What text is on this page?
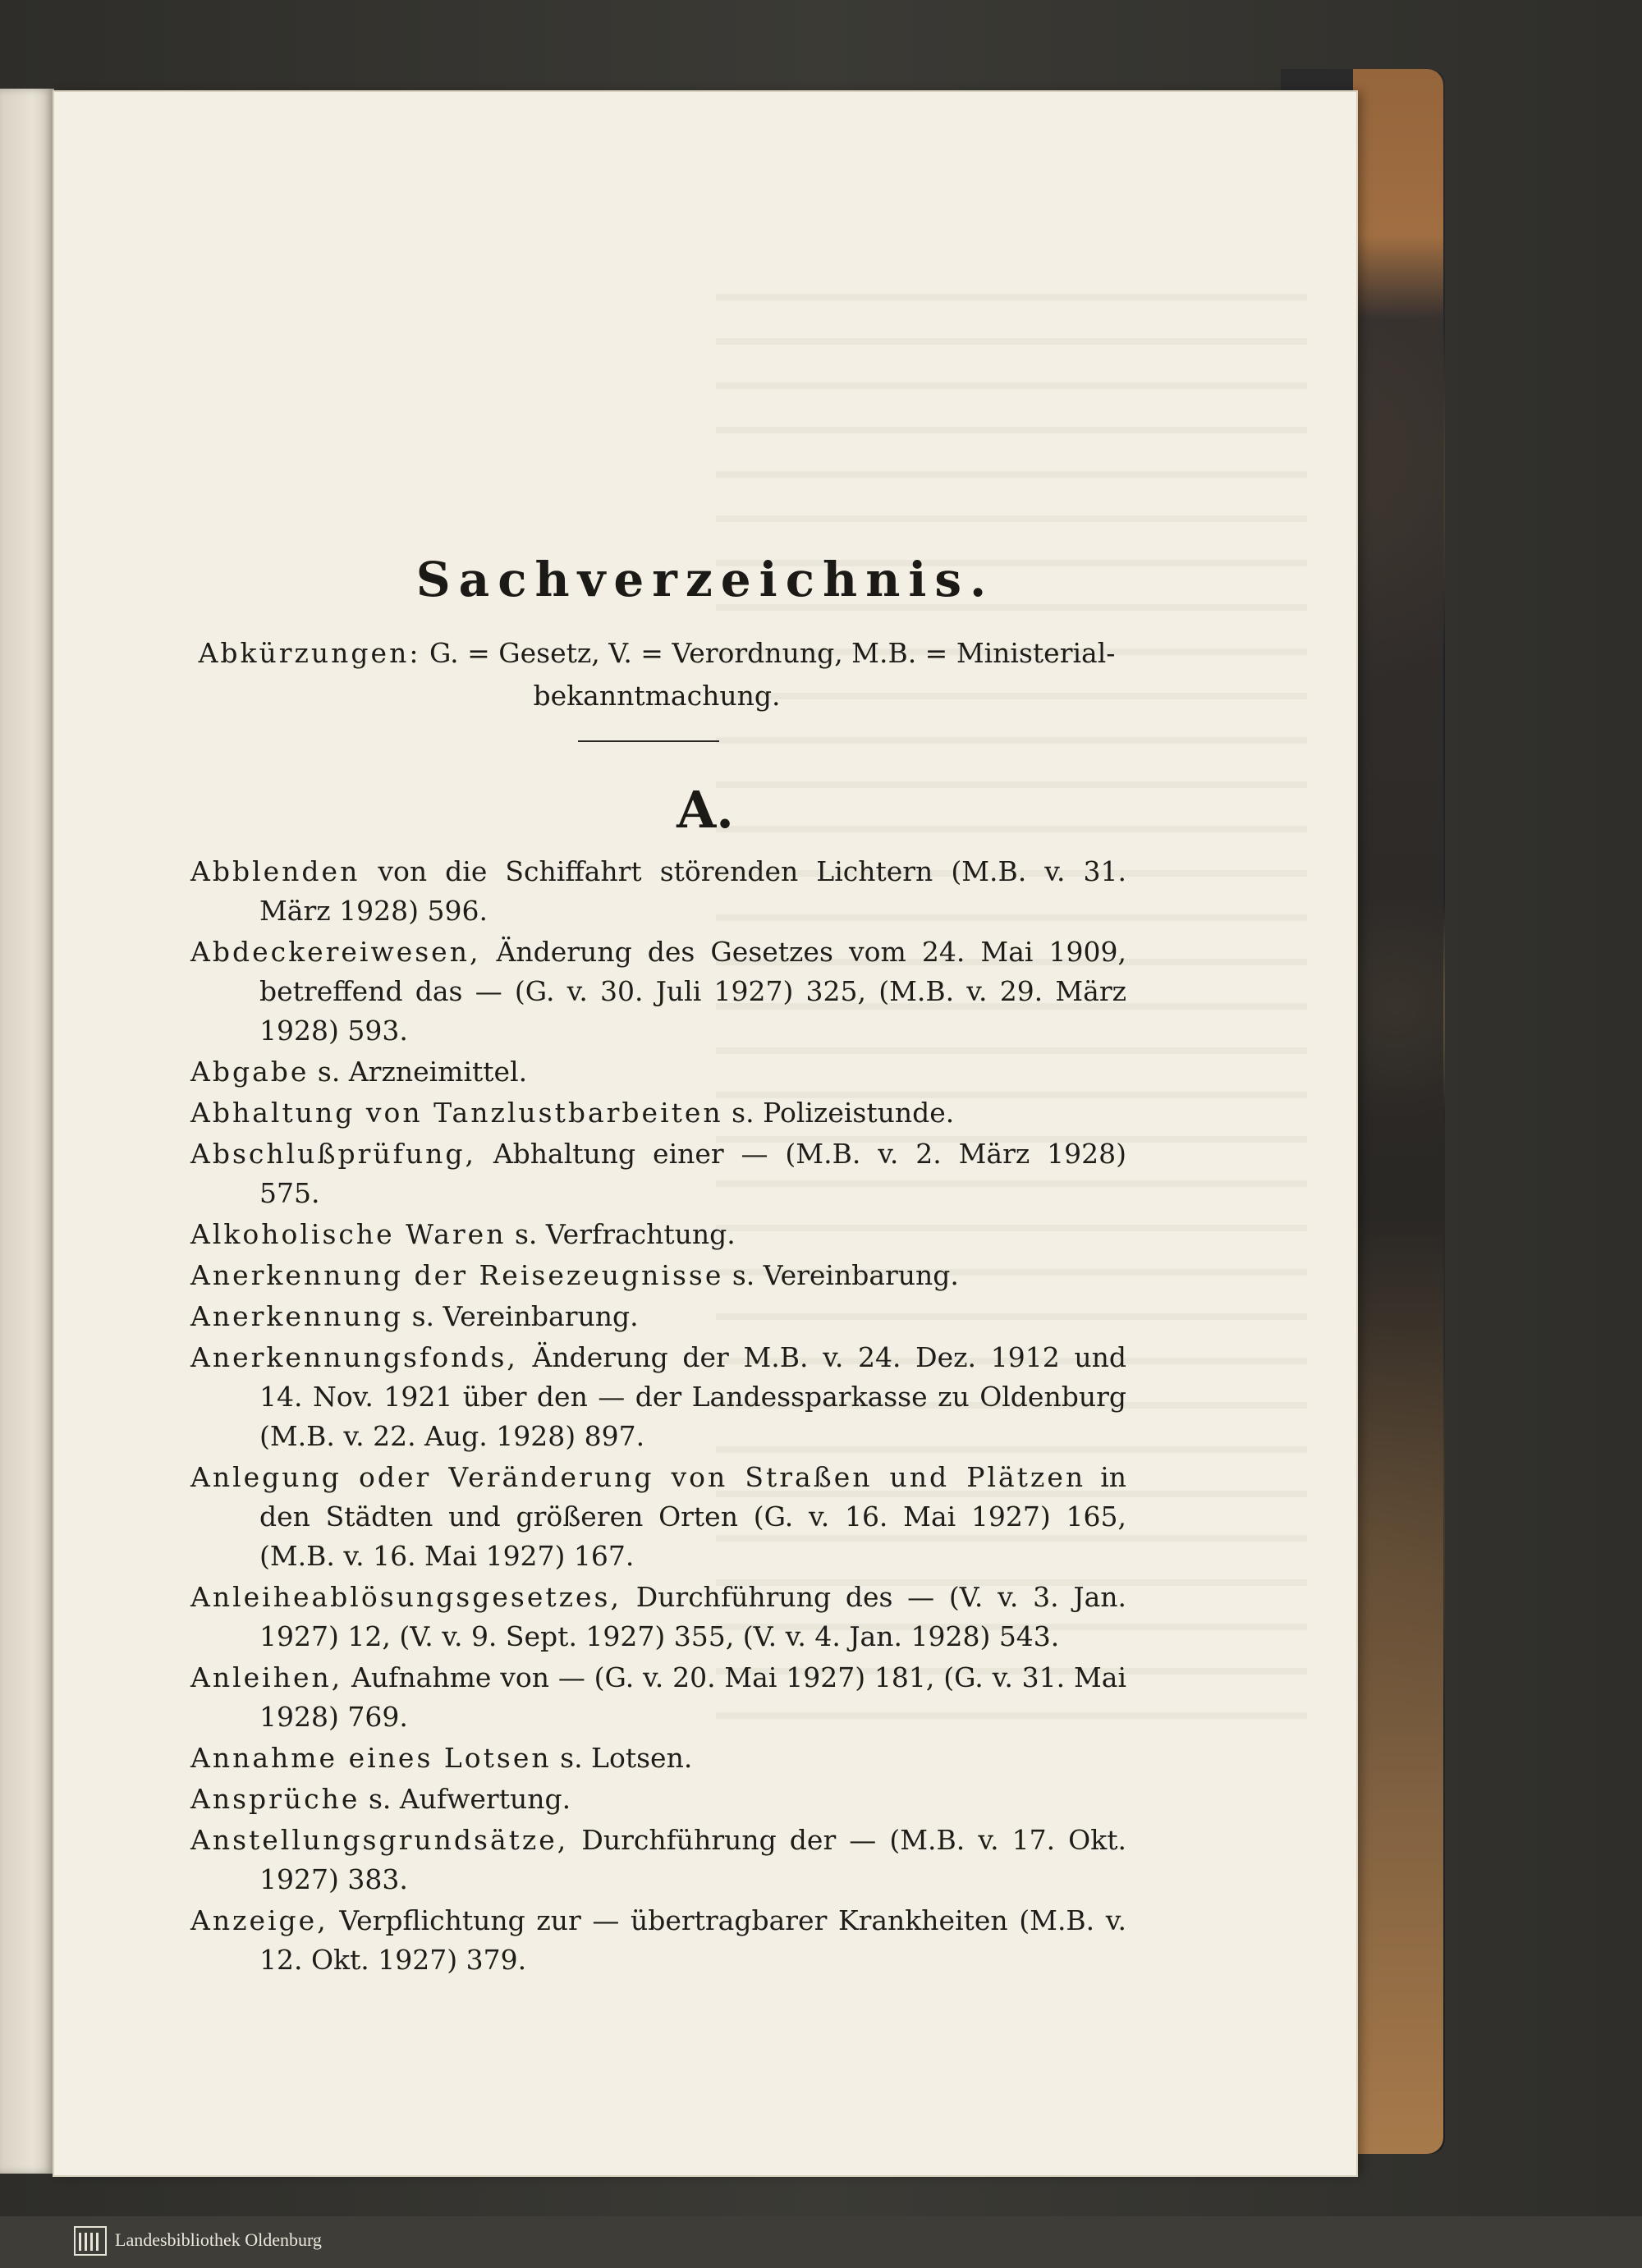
Sachverzeichnis.
Abkürzungen: G. = Gesetz, V. = Verordnung, M.B. = Ministerial-bekanntmachung.
A.
Abblenden von die Schiffahrt störenden Lichtern (M.B. v. 31. März 1928) 596.
Abdeckereiwesen, Änderung des Gesetzes vom 24. Mai 1909, betreffend das — (G. v. 30. Juli 1927) 325, (M.B. v. 29. März 1928) 593.
Abgabe s. Arzneimittel.
Abhaltung von Tanzlustbarbeiten s. Polizeistunde.
Abschlußprüfung, Abhaltung einer — (M.B. v. 2. März 1928) 575.
Alkoholische Waren s. Verfrachtung.
Anerkennung der Reisezeugnisse s. Vereinbarung.
Anerkennung s. Vereinbarung.
Anerkennungsfonds, Änderung der M.B. v. 24. Dez. 1912 und 14. Nov. 1921 über den — der Landessparkasse zu Oldenburg (M.B. v. 22. Aug. 1928) 897.
Anlegung oder Veränderung von Straßen und Plätzen in den Städten und größeren Orten (G. v. 16. Mai 1927) 165, (M.B. v. 16. Mai 1927) 167.
Anleiheablösungsgesetzes, Durchführung des — (V. v. 3. Jan. 1927) 12, (V. v. 9. Sept. 1927) 355, (V. v. 4. Jan. 1928) 543.
Anleihen, Aufnahme von — (G. v. 20. Mai 1927) 181, (G. v. 31. Mai 1928) 769.
Annahme eines Lotsen s. Lotsen.
Ansprüche s. Aufwertung.
Anstellungsgrundsätze, Durchführung der — (M.B. v. 17. Okt. 1927) 383.
Anzeige, Verpflichtung zur — übertragbarer Krankheiten (M.B. v. 12. Okt. 1927) 379.
Landesbibliothek Oldenburg
